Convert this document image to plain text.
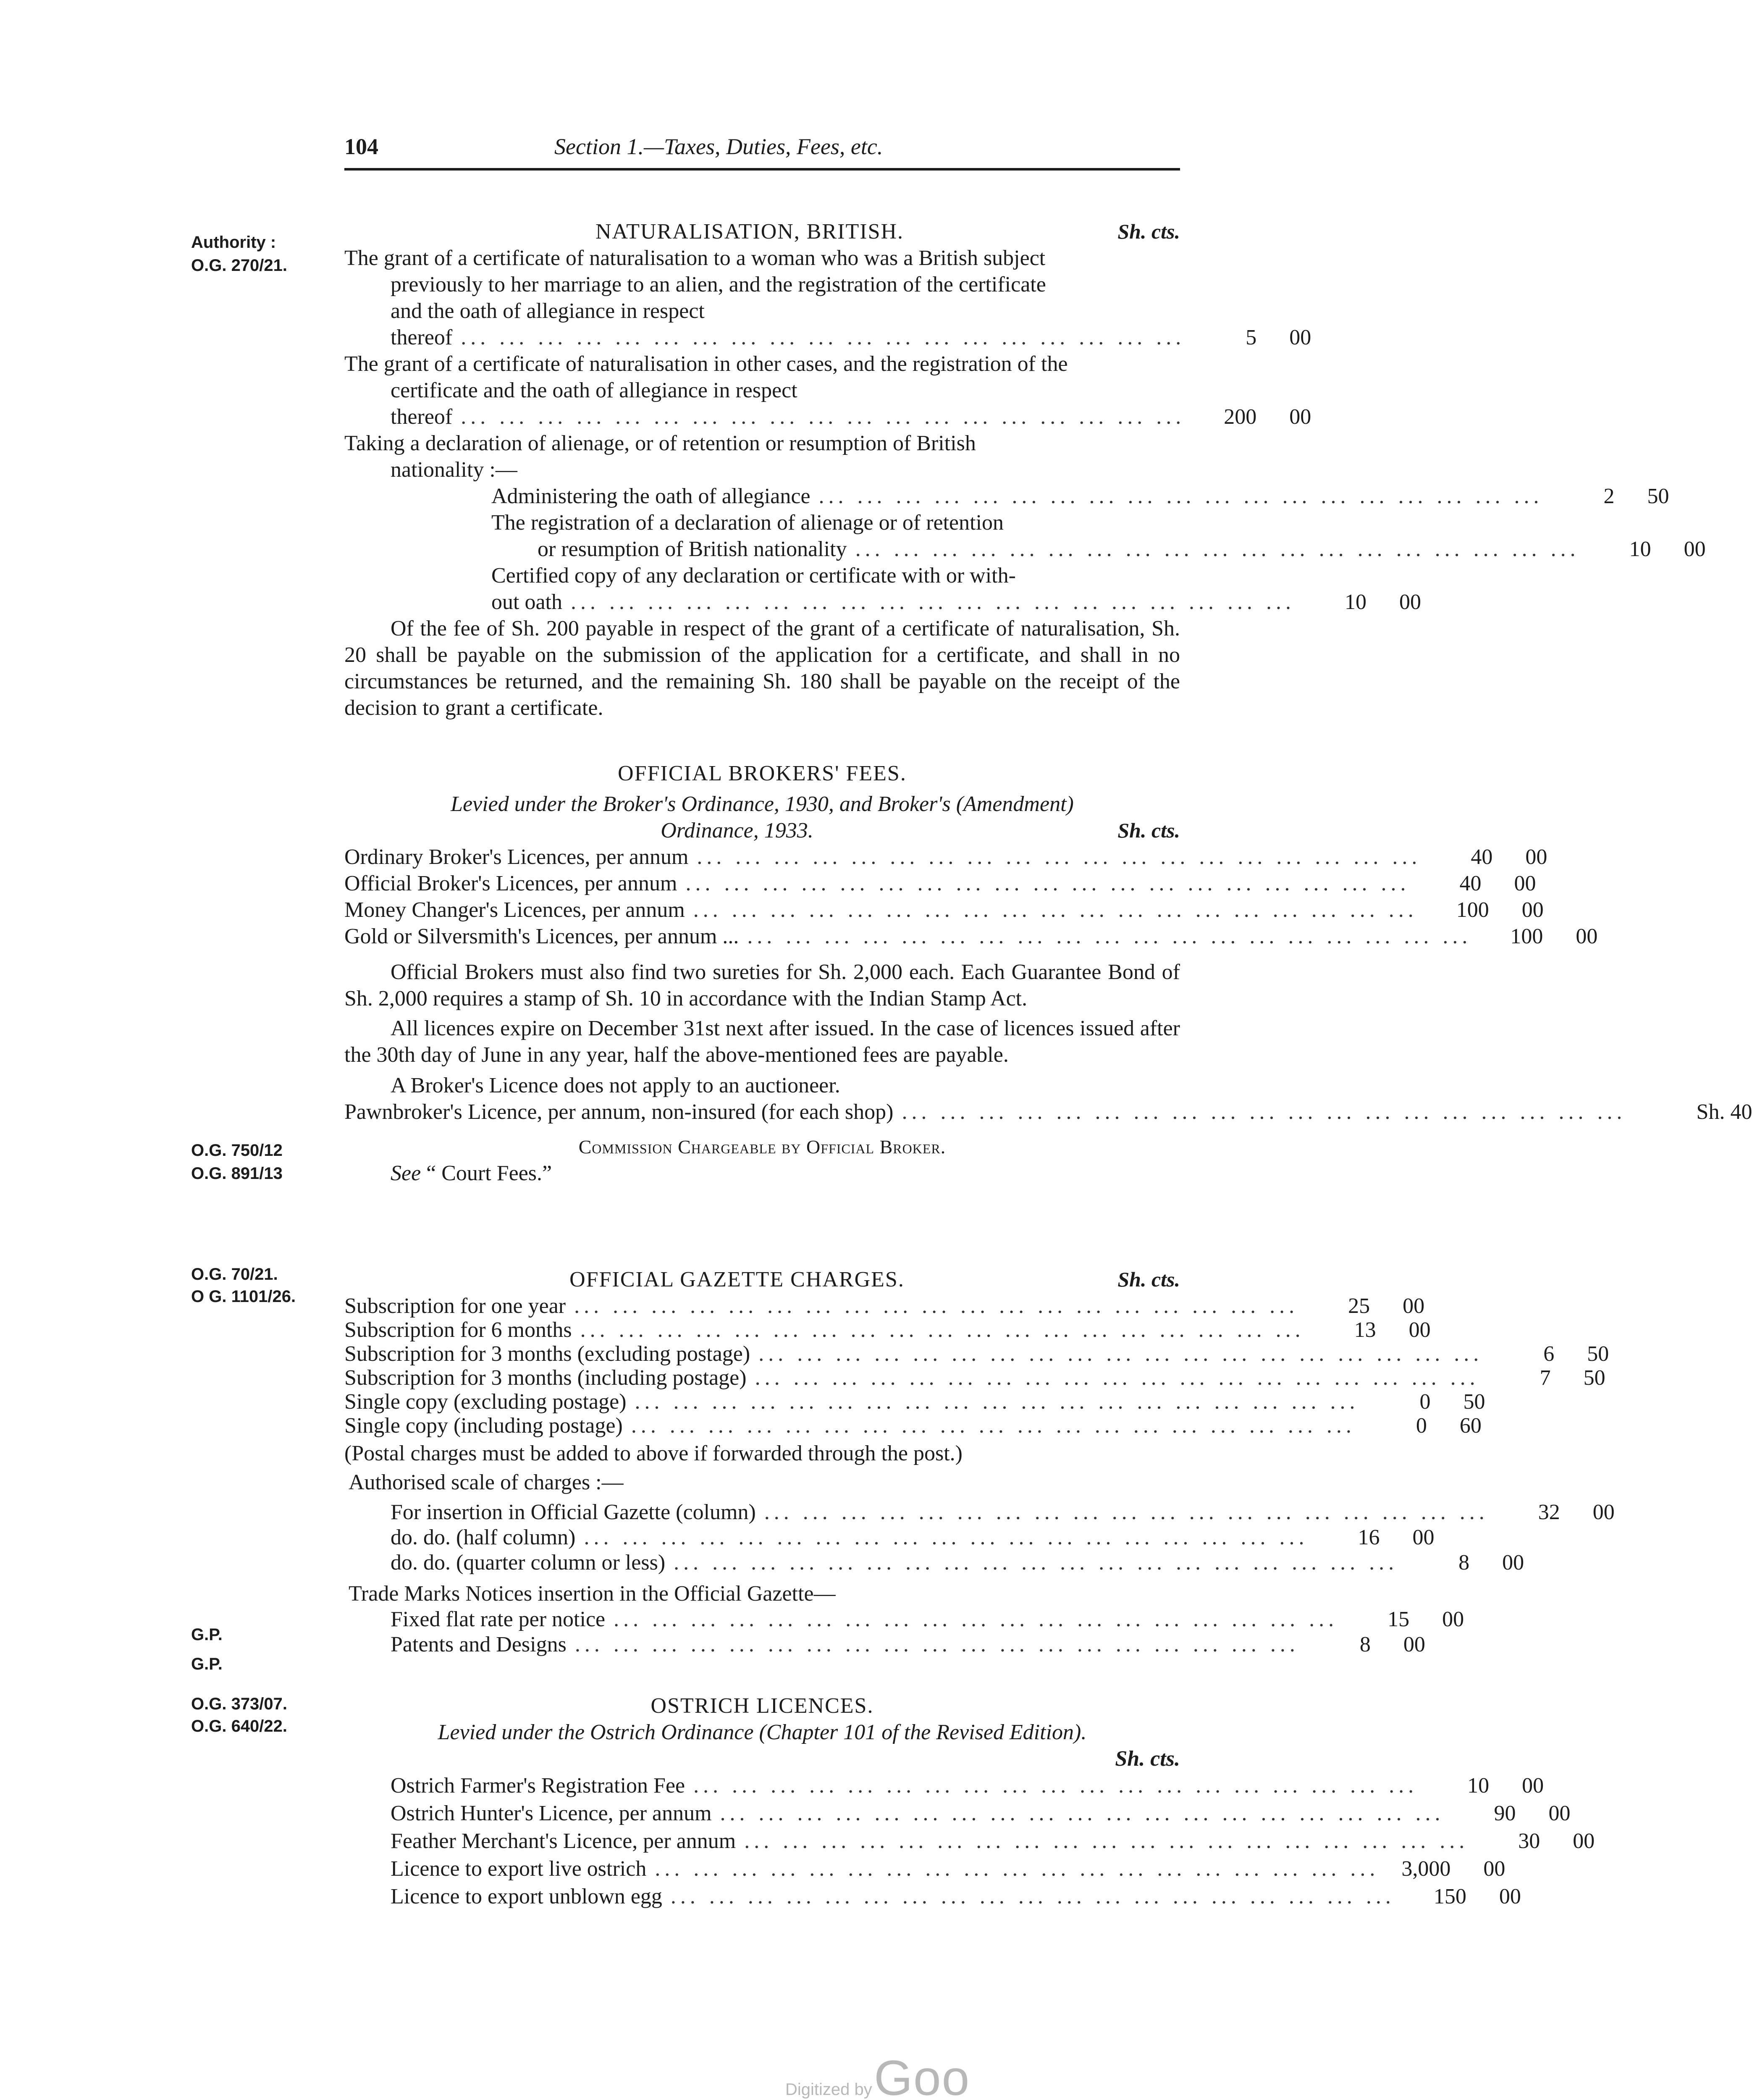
104	Section 1.—Taxes, Duties, Fees, etc.
Authority :
O.G. 270/21.
O.G. 750/12
O.G. 891/13
O.G. 70/21.
O G. 1101/26.
G.P.
G.P.
O.G. 373/07.
O.G. 640/22.
NATURALISATION, BRITISH.	Sh. cts.
The grant of a certificate of naturalisation to a woman who was a British subject previously to her marriage to an alien, and the registration of the certificate and the oath of allegiance in respect
thereof ... ... ... ... ... ... ... ... ... ... ... ... ... ... ... ... ... ... ...	5	00
The grant of a certificate of naturalisation in other cases, and the registration of the certificate and the oath of allegiance in respect
thereof ... ... ... ... ... ... ... ... ... ... ... ... ... ... ... ... ... ... ...	200	00
Taking a declaration of alienage, or of retention or resumption of British nationality :—
Administering the oath of allegiance ... ... ... ... ... ... ... ... ... ... ... ... ... ... ... ... ... ... ...	2	50
The registration of a declaration of alienage or of retention
or resumption of British nationality ... ... ... ... ... ... ... ... ... ... ... ... ... ... ... ... ... ... ...	10	00
Certified copy of any declaration or certificate with or with-
out oath ... ... ... ... ... ... ... ... ... ... ... ... ... ... ... ... ... ... ...	10	00
Of the fee of Sh. 200 payable in respect of the grant of a certificate of naturalisation, Sh. 20 shall be payable on the submission of the application for a certificate, and shall in no circumstances be returned, and the remaining Sh. 180 shall be payable on the receipt of the decision to grant a certificate.
OFFICIAL BROKERS' FEES.
Levied under the Broker's Ordinance, 1930, and Broker's (Amendment)
Ordinance, 1933.	Sh. cts.
Ordinary Broker's Licences, per annum ... ... ... ... ... ... ... ... ... ... ... ... ... ... ... ... ... ... ...	40	00
Official Broker's Licences, per annum ... ... ... ... ... ... ... ... ... ... ... ... ... ... ... ... ... ... ...	40	00
Money Changer's Licences, per annum ... ... ... ... ... ... ... ... ... ... ... ... ... ... ... ... ... ... ...	100	00
Gold or Silversmith's Licences, per annum ... ... ... ... ... ... ... ... ... ... ... ... ... ... ... ... ... ... ... ...	100	00
Official Brokers must also find two sureties for Sh. 2,000 each. Each Guarantee Bond of Sh. 2,000 requires a stamp of Sh. 10 in accordance with the Indian Stamp Act.
All licences expire on December 31st next after issued. In the case of licences issued after the 30th day of June in any year, half the above-mentioned fees are payable.
A Broker's Licence does not apply to an auctioneer.
Pawnbroker's Licence, per annum, non-insured (for each shop) ... ... ... ... ... ... ... ... ... ... ... ... ... ... ... ... ... ... ...	Sh. 40
Commission Chargeable by Official Broker.
See “ Court Fees.”
OFFICIAL GAZETTE CHARGES.	Sh. cts.
Subscription for one year ... ... ... ... ... ... ... ... ... ... ... ... ... ... ... ... ... ... ...	25	00
Subscription for 6 months ... ... ... ... ... ... ... ... ... ... ... ... ... ... ... ... ... ... ...	13	00
Subscription for 3 months (excluding postage) ... ... ... ... ... ... ... ... ... ... ... ... ... ... ... ... ... ... ...	6	50
Subscription for 3 months (including postage) ... ... ... ... ... ... ... ... ... ... ... ... ... ... ... ... ... ... ...	7	50
Single copy (excluding postage) ... ... ... ... ... ... ... ... ... ... ... ... ... ... ... ... ... ... ...	0	50
Single copy (including postage) ... ... ... ... ... ... ... ... ... ... ... ... ... ... ... ... ... ... ...	0	60
(Postal charges must be added to above if forwarded through the post.)
Authorised scale of charges :—
For insertion in Official Gazette (column) ... ... ... ... ... ... ... ... ... ... ... ... ... ... ... ... ... ... ...	32	00
do. do. (half column) ... ... ... ... ... ... ... ... ... ... ... ... ... ... ... ... ... ... ...	16	00
do. do. (quarter column or less) ... ... ... ... ... ... ... ... ... ... ... ... ... ... ... ... ... ... ...	8	00
Trade Marks Notices insertion in the Official Gazette—
Fixed flat rate per notice ... ... ... ... ... ... ... ... ... ... ... ... ... ... ... ... ... ... ...	15	00
Patents and Designs ... ... ... ... ... ... ... ... ... ... ... ... ... ... ... ... ... ... ...	8	00
OSTRICH LICENCES.
Levied under the Ostrich Ordinance (Chapter 101 of the Revised Edition).
Sh. cts.
Ostrich Farmer's Registration Fee ... ... ... ... ... ... ... ... ... ... ... ... ... ... ... ... ... ... ...	10	00
Ostrich Hunter's Licence, per annum ... ... ... ... ... ... ... ... ... ... ... ... ... ... ... ... ... ... ...	90	00
Feather Merchant's Licence, per annum ... ... ... ... ... ... ... ... ... ... ... ... ... ... ... ... ... ... ...	30	00
Licence to export live ostrich ... ... ... ... ... ... ... ... ... ... ... ... ... ... ... ... ... ... ...	3,000	00
Licence to export unblown egg ... ... ... ... ... ... ... ... ... ... ... ... ... ... ... ... ... ... ...	150	00
Digitized by Goo
